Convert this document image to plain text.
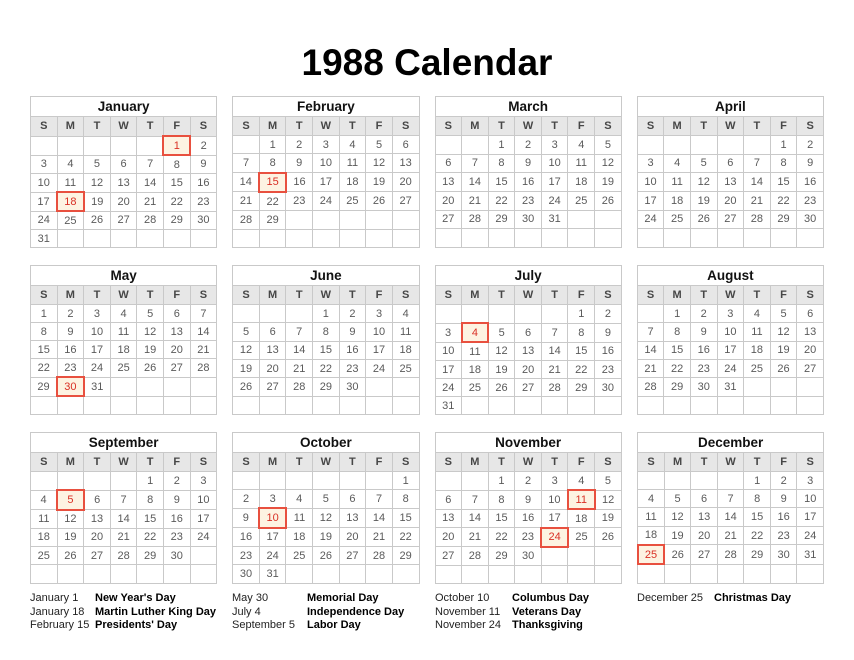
1988 Calendar
January						
S	M	T	W	T	F	S
					1	2
3	4	5	6	7	8	9
10	11	12	13	14	15	16
17	18	19	20	21	22	23
24	25	26	27	28	29	30
31						
February						
S	M	T	W	T	F	S
	1	2	3	4	5	6
7	8	9	10	11	12	13
14	15	16	17	18	19	20
21	22	23	24	25	26	27
28	29					

March						
S	M	T	W	T	F	S
		1	2	3	4	5
6	7	8	9	10	11	12
13	14	15	16	17	18	19
20	21	22	23	24	25	26
27	28	29	30	31		

April						
S	M	T	W	T	F	S
					1	2
3	4	5	6	7	8	9
10	11	12	13	14	15	16
17	18	19	20	21	22	23
24	25	26	27	28	29	30

May						
S	M	T	W	T	F	S
1	2	3	4	5	6	7
8	9	10	11	12	13	14
15	16	17	18	19	20	21
22	23	24	25	26	27	28
29	30	31				

June						
S	M	T	W	T	F	S
			1	2	3	4
5	6	7	8	9	10	11
12	13	14	15	16	17	18
19	20	21	22	23	24	25
26	27	28	29	30		

July						
S	M	T	W	T	F	S
					1	2
3	4	5	6	7	8	9
10	11	12	13	14	15	16
17	18	19	20	21	22	23
24	25	26	27	28	29	30
31						
August						
S	M	T	W	T	F	S
	1	2	3	4	5	6
7	8	9	10	11	12	13
14	15	16	17	18	19	20
21	22	23	24	25	26	27
28	29	30	31			

September						
S	M	T	W	T	F	S
				1	2	3
4	5	6	7	8	9	10
11	12	13	14	15	16	17
18	19	20	21	22	23	24
25	26	27	28	29	30	

October						
S	M	T	W	T	F	S
						1
2	3	4	5	6	7	8
9	10	11	12	13	14	15
16	17	18	19	20	21	22
23	24	25	26	27	28	29
30	31					
November						
S	M	T	W	T	F	S
		1	2	3	4	5
6	7	8	9	10	11	12
13	14	15	16	17	18	19
20	21	22	23	24	25	26
27	28	29	30			

December						
S	M	T	W	T	F	S
				1	2	3
4	5	6	7	8	9	10
11	12	13	14	15	16	17
18	19	20	21	22	23	24
25	26	27	28	29	30	31

January 1	New Year's Day
January 18 Martin Luther King Day
February 15 Presidents' Day
May 30	Memorial Day
July 4	Independence Day
September 5	Labor Day
October 10	Columbus Day
November 11	Veterans Day
November 24 Thanksgiving
December 25 Christmas Day
